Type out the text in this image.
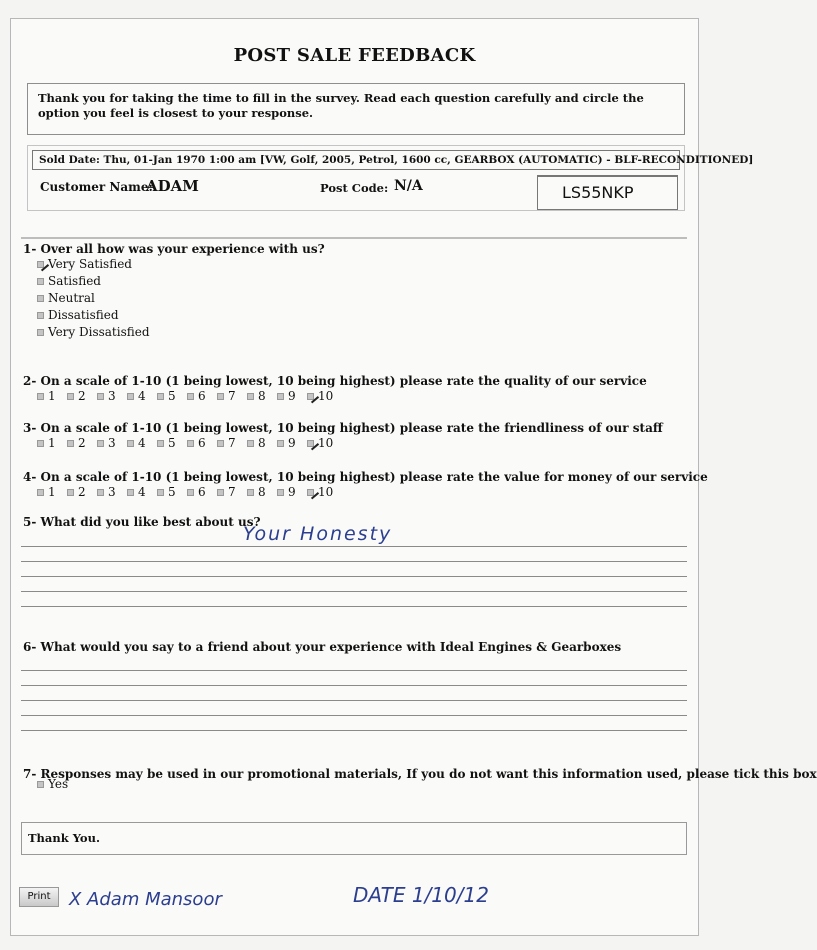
POST SALE FEEDBACK
Thank you for taking the time to fill in the survey. Read each question carefully and circle the option you feel is closest to your response.
Sold Date: Thu, 01-Jan 1970 1:00 am [VW, Golf, 2005, Petrol, 1600 cc, GEARBOX (AUTOMATIC) - BLF-RECONDITIONED]
Customer Name:
ADAM	Post Code: N/A	LS55NKP
1- Over all how was your experience with us?
Very Satisfied
Satisfied
Neutral
Dissatisfied
Very Dissatisfied
2- On a scale of 1-10 (1 being lowest, 10 being highest) please rate the quality of our service
1 2 3 4 5 6 7 8 9 10
3- On a scale of 1-10 (1 being lowest, 10 being highest) please rate the friendliness of our staff
1 2 3 4 5 6 7 8 9 10
4- On a scale of 1-10 (1 being lowest, 10 being highest) please rate the value for money of our service
1 2 3 4 5 6 7 8 9 10
5- What did you like best about us?
Your Honesty
6- What would you say to a friend about your experience with Ideal Engines & Gearboxes
7- Responses may be used in our promotional materials, If you do not want this information used, please tick this box
Yes
Thank You.
X Adam Mansoor	DATE 1/10/12
Print
